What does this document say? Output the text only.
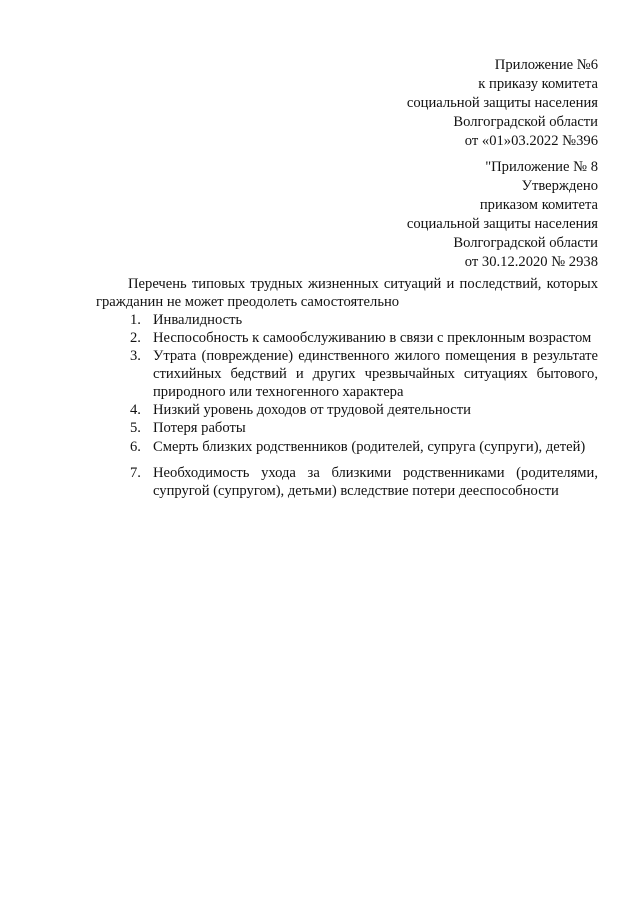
Приложение №6
к приказу комитета
социальной защиты населения
Волгоградской области
от «01»03.2022 №396
"Приложение № 8
Утверждено
приказом комитета
социальной защиты населения
Волгоградской области
от 30.12.2020 № 2938
Перечень типовых трудных жизненных ситуаций и последствий, которых гражданин не может преодолеть самостоятельно
1. Инвалидность
2. Неспособность к самообслуживанию в связи с преклонным возрастом
3. Утрата (повреждение) единственного жилого помещения в результате стихийных бедствий и других чрезвычайных ситуациях бытового, природного или техногенного характера
4. Низкий уровень доходов от трудовой деятельности
5. Потеря работы
6. Смерть близких родственников (родителей, супруга (супруги), детей)
7. Необходимость ухода за близкими родственниками (родителями, супругой (супругом), детьми) вследствие потери дееспособности
